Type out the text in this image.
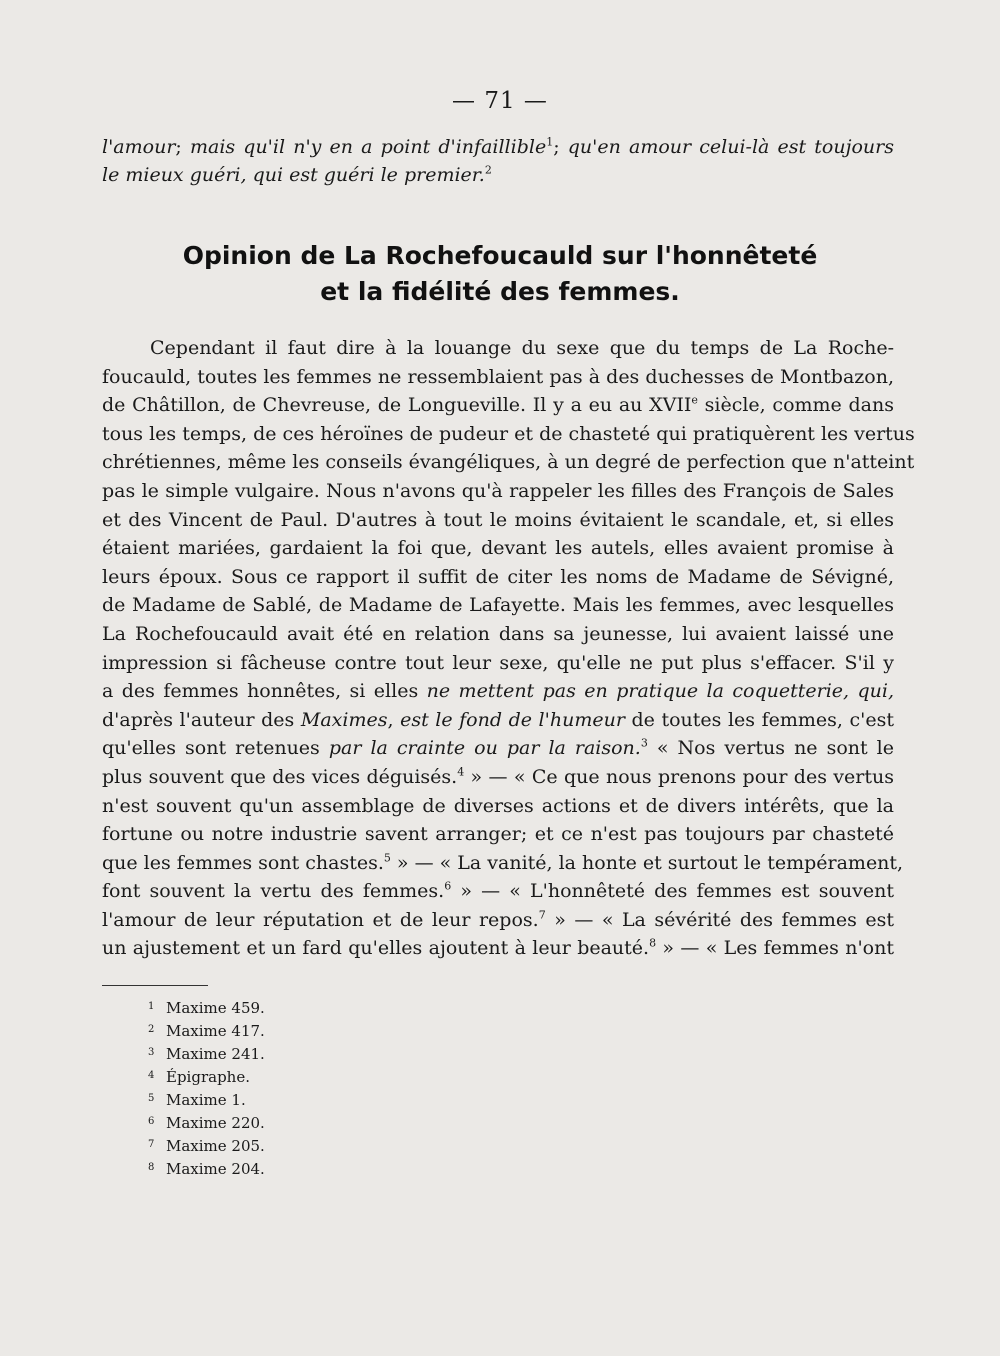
— 71 —
l'amour; mais qu'il n'y en a point d'infaillible$^1$; qu'en amour celui-là est toujours
le mieux guéri, qui est guéri le premier.$^2$
Opinion de La Rochefoucauld sur l'honnêteté
et la fidélité des femmes.
Cependant il faut dire à la louange du sexe que du temps de La Roche-
foucauld, toutes les femmes ne ressemblaient pas à des duchesses de Montbazon,
de Châtillon, de Chevreuse, de Longueville. Il y a eu au XVIIe siècle, comme dans
tous les temps, de ces héroïnes de pudeur et de chasteté qui pratiquèrent les vertus
chrétiennes, même les conseils évangéliques, à un degré de perfection que n'atteint
pas le simple vulgaire. Nous n'avons qu'à rappeler les filles des François de Sales
et des Vincent de Paul. D'autres à tout le moins évitaient le scandale, et, si elles
étaient mariées, gardaient la foi que, devant les autels, elles avaient promise à
leurs époux. Sous ce rapport il suffit de citer les noms de Madame de Sévigné,
de Madame de Sablé, de Madame de Lafayette. Mais les femmes, avec lesquelles
La Rochefoucauld avait été en relation dans sa jeunesse, lui avaient laissé une
impression si fâcheuse contre tout leur sexe, qu'elle ne put plus s'effacer. S'il y
a des femmes honnêtes, si elles ne mettent pas en pratique la coquetterie, qui,
d'après l'auteur des Maximes, est le fond de l'humeur de toutes les femmes, c'est
qu'elles sont retenues par la crainte ou par la raison.$^3$ « Nos vertus ne sont le
plus souvent que des vices déguisés.$^4$ » — « Ce que nous prenons pour des vertus
n'est souvent qu'un assemblage de diverses actions et de divers intérêts, que la
fortune ou notre industrie savent arranger; et ce n'est pas toujours par chasteté
que les femmes sont chastes.$^5$ » — « La vanité, la honte et surtout le tempérament,
font souvent la vertu des femmes.$^6$ » — « L'honnêteté des femmes est souvent
l'amour de leur réputation et de leur repos.$^7$ » — « La sévérité des femmes est
un ajustement et un fard qu'elles ajoutent à leur beauté.$^8$ » — « Les femmes n'ont
1 Maxime 459.
2 Maxime 417.
3 Maxime 241.
4 Épigraphe.
5 Maxime 1.
6 Maxime 220.
7 Maxime 205.
8 Maxime 204.
